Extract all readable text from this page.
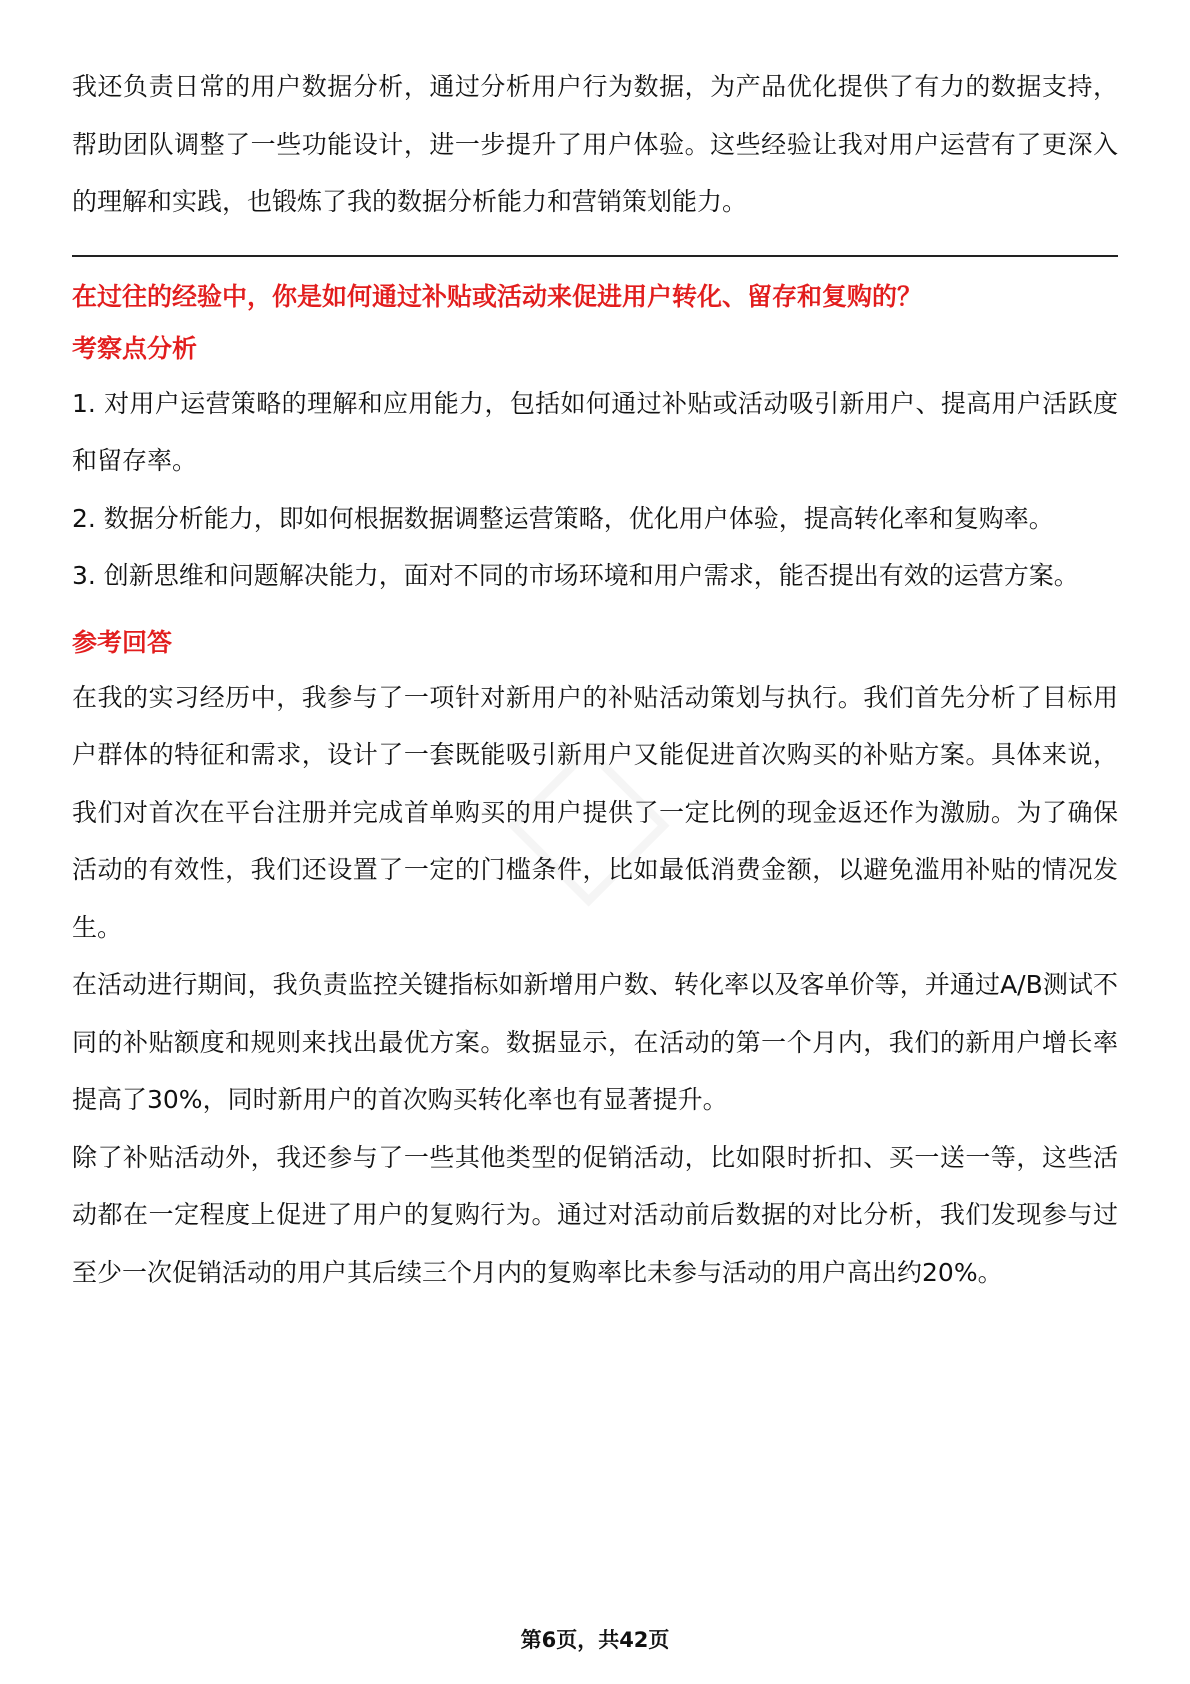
我还负责日常的用户数据分析，通过分析用户行为数据，为产品优化提供了有力的数据支持，帮助团队调整了一些功能设计，进一步提升了用户体验。这些经验让我对用户运营有了更深入的理解和实践，也锻炼了我的数据分析能力和营销策划能力。

在过往的经验中，你是如何通过补贴或活动来促进用户转化、留存和复购的？
考察点分析

1. 对用户运营策略的理解和应用能力，包括如何通过补贴或活动吸引新用户、提高用户活跃度和留存率。

2. 数据分析能力，即如何根据数据调整运营策略，优化用户体验，提高转化率和复购率。

3. 创新思维和问题解决能力，面对不同的市场环境和用户需求，能否提出有效的运营方案。

参考回答

在我的实习经历中，我参与了一项针对新用户的补贴活动策划与执行。我们首先分析了目标用户群体的特征和需求，设计了一套既能吸引新用户又能促进首次购买的补贴方案。具体来说，我们对首次在平台注册并完成首单购买的用户提供了一定比例的现金返还作为激励。为了确保活动的有效性，我们还设置了一定的门槛条件，比如最低消费金额，以避免滥用补贴的情况发生。

在活动进行期间，我负责监控关键指标如新增用户数、转化率以及客单价等，并通过A/B测试不同的补贴额度和规则来找出最优方案。数据显示，在活动的第一个月内，我们的新用户增长率提高了30%，同时新用户的首次购买转化率也有显著提升。

除了补贴活动外，我还参与了一些其他类型的促销活动，比如限时折扣、买一送一等，这些活动都在一定程度上促进了用户的复购行为。通过对活动前后数据的对比分析，我们发现参与过至少一次促销活动的用户其后续三个月内的复购率比未参与活动的用户高出约20%。

第6页，共42页
